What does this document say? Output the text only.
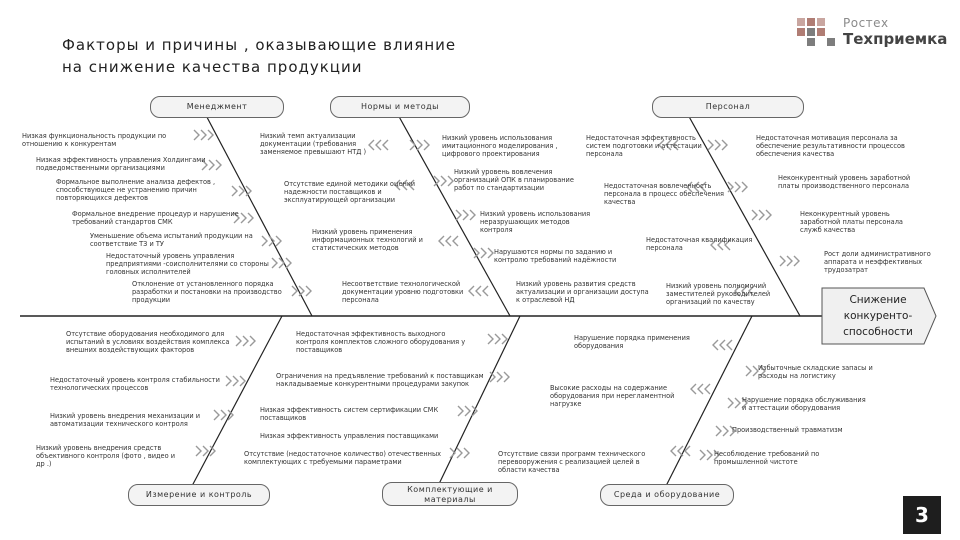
Факторы и причины , оказывающие влияние
на снижение качества продукции
Ростех
Техприемка
Менеджмент	Нормы и методы	Персонал
Измерение и контроль
Комплектующие и
материалы
Среда и оборудование
Снижение
конкуренто-
способности
Низкая функциональность продукции по
отношению к конкурентам
Низкая эффективность управления Холдингами
подведомственными организациями
Формальное выполнение анализа дефектов ,
способствующее не устранению причин
повторяющихся дефектов
Формальное внедрение процедур и нарушение
требований стандартов СМК
Уменьшение объема испытаний продукции на
соответствие ТЗ и ТУ
Недостаточный уровень управления
предприятиями -соисполнителями со стороны
головных исполнителей
Отклонение от установленного порядка
разработки и постановки на производство
продукции
Низкий темп актуализации
документации (требования
заменяемое превышают НТД )
Отсутствие единой методики оценки
надежности поставщиков и
эксплуатирующей организации
Низкий уровень применения
информационных технологий и
статистических методов
Несоответствие технологической
документации уровню подготовки
персонала
Низкий уровень использования
имитационного моделирования ,
цифрового проектирования
Низкий уровень вовлечения
организаций ОПК в планирование
работ по стандартизации
Низкий уровень использования
неразрушающих методов
контроля
Нарушаются нормы по заданию и
контролю требований надёжности
Низкий уровень развития средств
актуализации и организации доступа
к отраслевой НД
Недостаточная эффективность
систем подготовки и аттестации
персонала
Недостаточная вовлеченность
персонала в процесс обеспечения
качества
Недостаточная квалификация
персонала
Низкий уровень полномочий
заместителей руководителей
организаций по качеству
Недостаточная мотивация персонала за
обеспечение результативности процессов
обеспечения качества
Неконкурентный уровень заработной
платы производственного персонала
Неконкурентный уровень
заработной платы персонала
служб качества
Рост доли административного
аппарата и неэффективных
трудозатрат
Отсутствие оборудования необходимого для
испытаний в условиях воздействия комплекса
внешних воздействующих факторов
Недостаточный уровень контроля стабильности
технологических процессов
Низкий уровень внедрения механизации и
автоматизации технического контроля
Низкий уровень внедрения средств
объективного контроля (фото , видео и
др .)
Недостаточная эффективность выходного
контроля комплектов сложного оборудования у
поставщиков
Ограничения на предъявление требований к поставщикам
накладываемые конкурентными процедурами закупок
Низкая эффективность систем сертификации СМК
поставщиков
Низкая эффективность управления поставщиками
Отсутствие (недостаточное количество) отечественных
комплектующих с требуемыми параметрами
Нарушение порядка применения
оборудования
Высокие расходы на содержание
оборудования при нерегламентной
нагрузке
Отсутствие связи программ технического
перевооружения с реализацией целей в
области качества
Избыточные складские запасы и
расходы на логистику
Нарушение порядка обслуживания
и аттестации оборудования
Производственный травматизм
Несоблюдение требований по
промышленной чистоте
3
